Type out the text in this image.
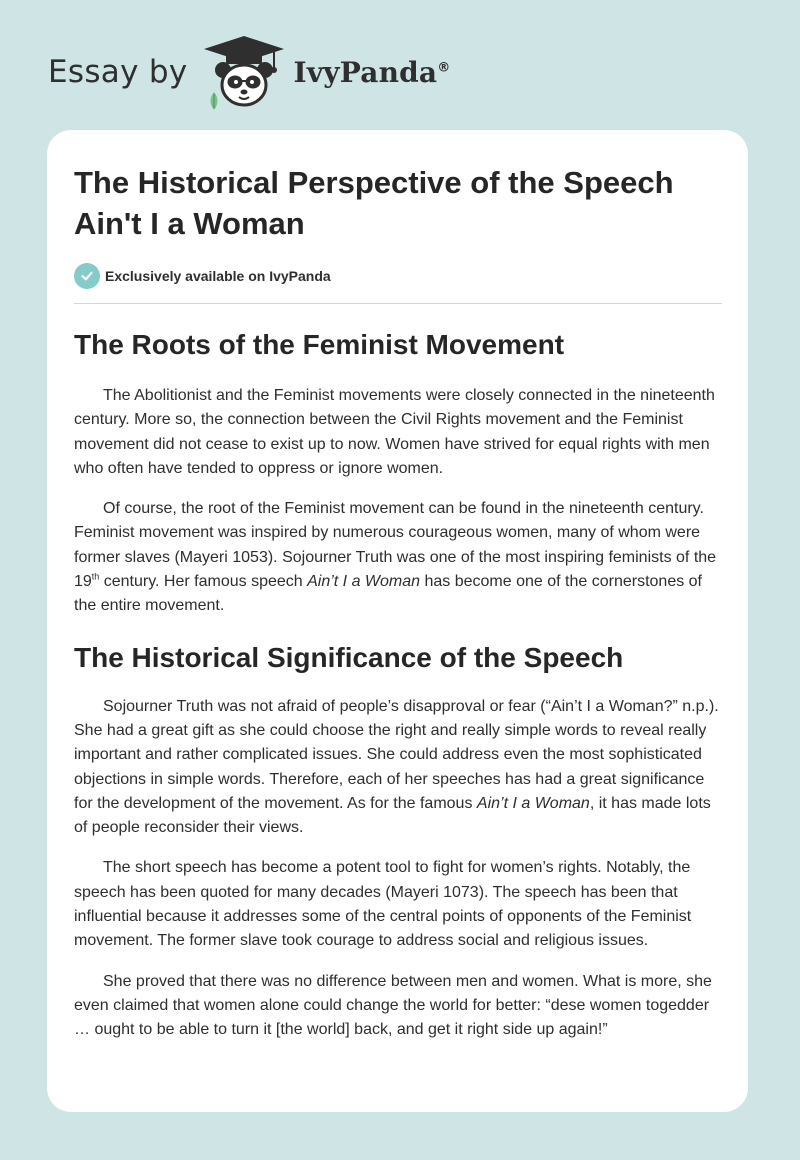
Essay by	IvyPanda®
The Historical Perspective of the Speech Ain't I a Woman
Exclusively available on IvyPanda
The Roots of the Feminist Movement

The Abolitionist and the Feminist movements were closely connected in the nineteenth century. More so, the connection between the Civil Rights movement and the Feminist movement did not cease to exist up to now. Women have strived for equal rights with men who often have tended to oppress or ignore women.

Of course, the root of the Feminist movement can be found in the nineteenth century. Feminist movement was inspired by numerous courageous women, many of whom were former slaves (Mayeri 1053). Sojourner Truth was one of the most inspiring feminists of the 19th century. Her famous speech Ain’t I a Woman has become one of the cornerstones of the entire movement.

The Historical Significance of the Speech

Sojourner Truth was not afraid of people’s disapproval or fear (“Ain’t I a Woman?” n.p.). She had a great gift as she could choose the right and really simple words to reveal really important and rather complicated issues. She could address even the most sophisticated objections in simple words. Therefore, each of her speeches has had a great significance for the development of the movement. As for the famous Ain’t I a Woman, it has made lots of people reconsider their views.

The short speech has become a potent tool to fight for women’s rights. Notably, the speech has been quoted for many decades (Mayeri 1073). The speech has been that influential because it addresses some of the central points of opponents of the Feminist movement. The former slave took courage to address social and religious issues.

She proved that there was no difference between men and women. What is more, she even claimed that women alone could change the world for better: “dese women togedder … ought to be able to turn it [the world] back, and get it right side up again!”
